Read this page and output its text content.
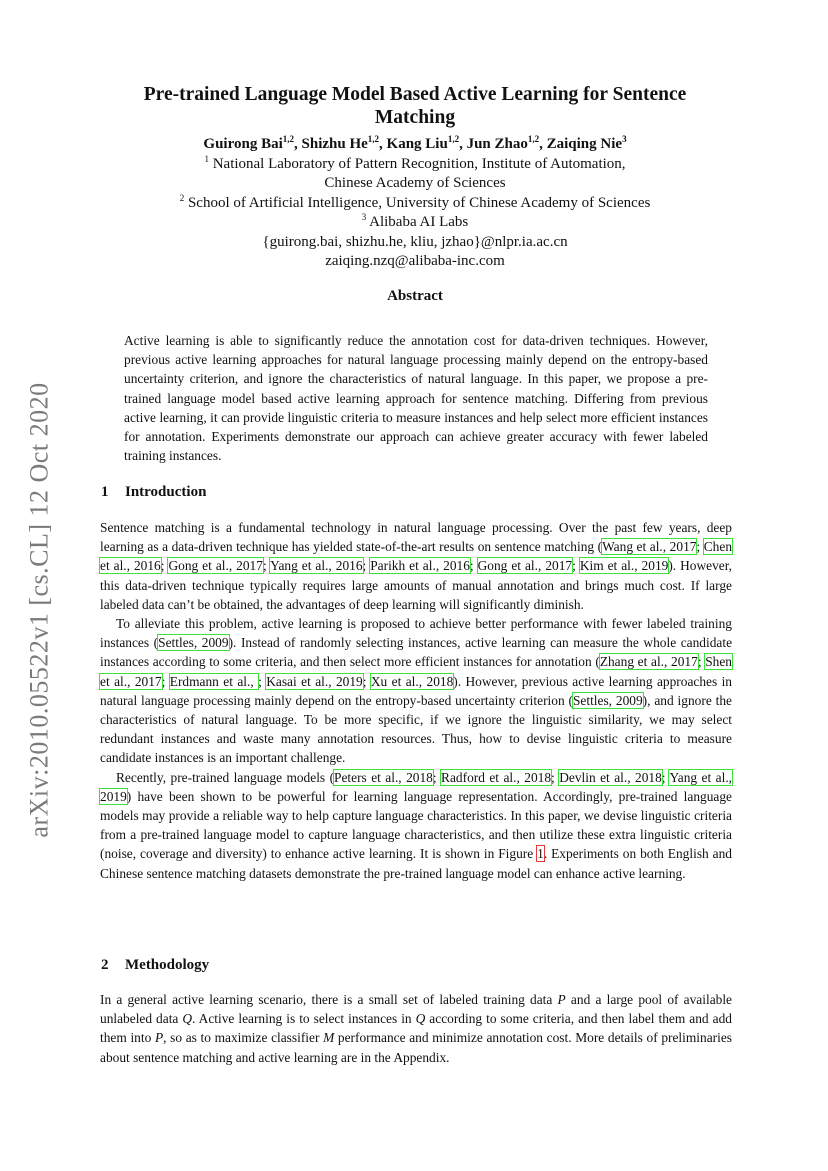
arXiv:2010.05522v1 [cs.CL] 12 Oct 2020
Pre-trained Language Model Based Active Learning for Sentence
Matching
Guirong Bai$^{1,2}$, Shizhu He$^{1,2}$, Kang Liu$^{1,2}$, Jun Zhao$^{1,2}$, Zaiqing Nie$^3$
$^1$ National Laboratory of Pattern Recognition, Institute of Automation,
Chinese Academy of Sciences
$^2$ School of Artificial Intelligence, University of Chinese Academy of Sciences
$^3$ Alibaba AI Labs
{guirong.bai, shizhu.he, kliu, jzhao}@nlpr.ia.ac.cn
zaiqing.nzq@alibaba-inc.com
Abstract
Active learning is able to significantly reduce the annotation cost for data-driven techniques. However, previous active learning approaches for natural language processing mainly depend on the entropy-based uncertainty criterion, and ignore the characteristics of natural language. In this paper, we propose a pre-trained language model based active learning approach for sentence matching. Differing from previous active learning, it can provide linguistic criteria to measure instances and help select more efficient instances for annotation. Experiments demonstrate our approach can achieve greater accuracy with fewer labeled training instances.
1 Introduction

Sentence matching is a fundamental technology in natural language processing. Over the past few years, deep learning as a data-driven technique has yielded state-of-the-art results on sentence matching (Wang et al., 2017; Chen et al., 2016; Gong et al., 2017; Yang et al., 2016; Parikh et al., 2016; Gong et al., 2017; Kim et al., 2019). However, this data-driven technique typically requires large amounts of manual annotation and brings much cost. If large labeled data can’t be obtained, the advantages of deep learning will significantly diminish.

To alleviate this problem, active learning is proposed to achieve better performance with fewer labeled training instances (Settles, 2009). Instead of randomly selecting instances, active learning can measure the whole candidate instances according to some criteria, and then select more efficient instances for annotation (Zhang et al., 2017; Shen et al., 2017; Erdmann et al., ; Kasai et al., 2019; Xu et al., 2018). However, previous active learning approaches in natural language processing mainly depend on the entropy-based uncertainty criterion (Settles, 2009), and ignore the characteristics of natural language. To be more specific, if we ignore the linguistic similarity, we may select redundant instances and waste many annotation resources. Thus, how to devise linguistic criteria to measure candidate instances is an important challenge.

Recently, pre-trained language models (Peters et al., 2018; Radford et al., 2018; Devlin et al., 2018; Yang et al., 2019) have been shown to be powerful for learning language representation. Accordingly, pre-trained language models may provide a reliable way to help capture language characteristics. In this paper, we devise linguistic criteria from a pre-trained language model to capture language characteristics, and then utilize these extra linguistic criteria (noise, coverage and diversity) to enhance active learning. It is shown in Figure 1. Experiments on both English and Chinese sentence matching datasets demonstrate the pre-trained language model can enhance active learning.

2 Methodology

In a general active learning scenario, there is a small set of labeled training data P and a large pool of available unlabeled data Q. Active learning is to select instances in Q according to some criteria, and then label them and add them into P, so as to maximize classifier M performance and minimize annotation cost. More details of preliminaries about sentence matching and active learning are in the Appendix.
